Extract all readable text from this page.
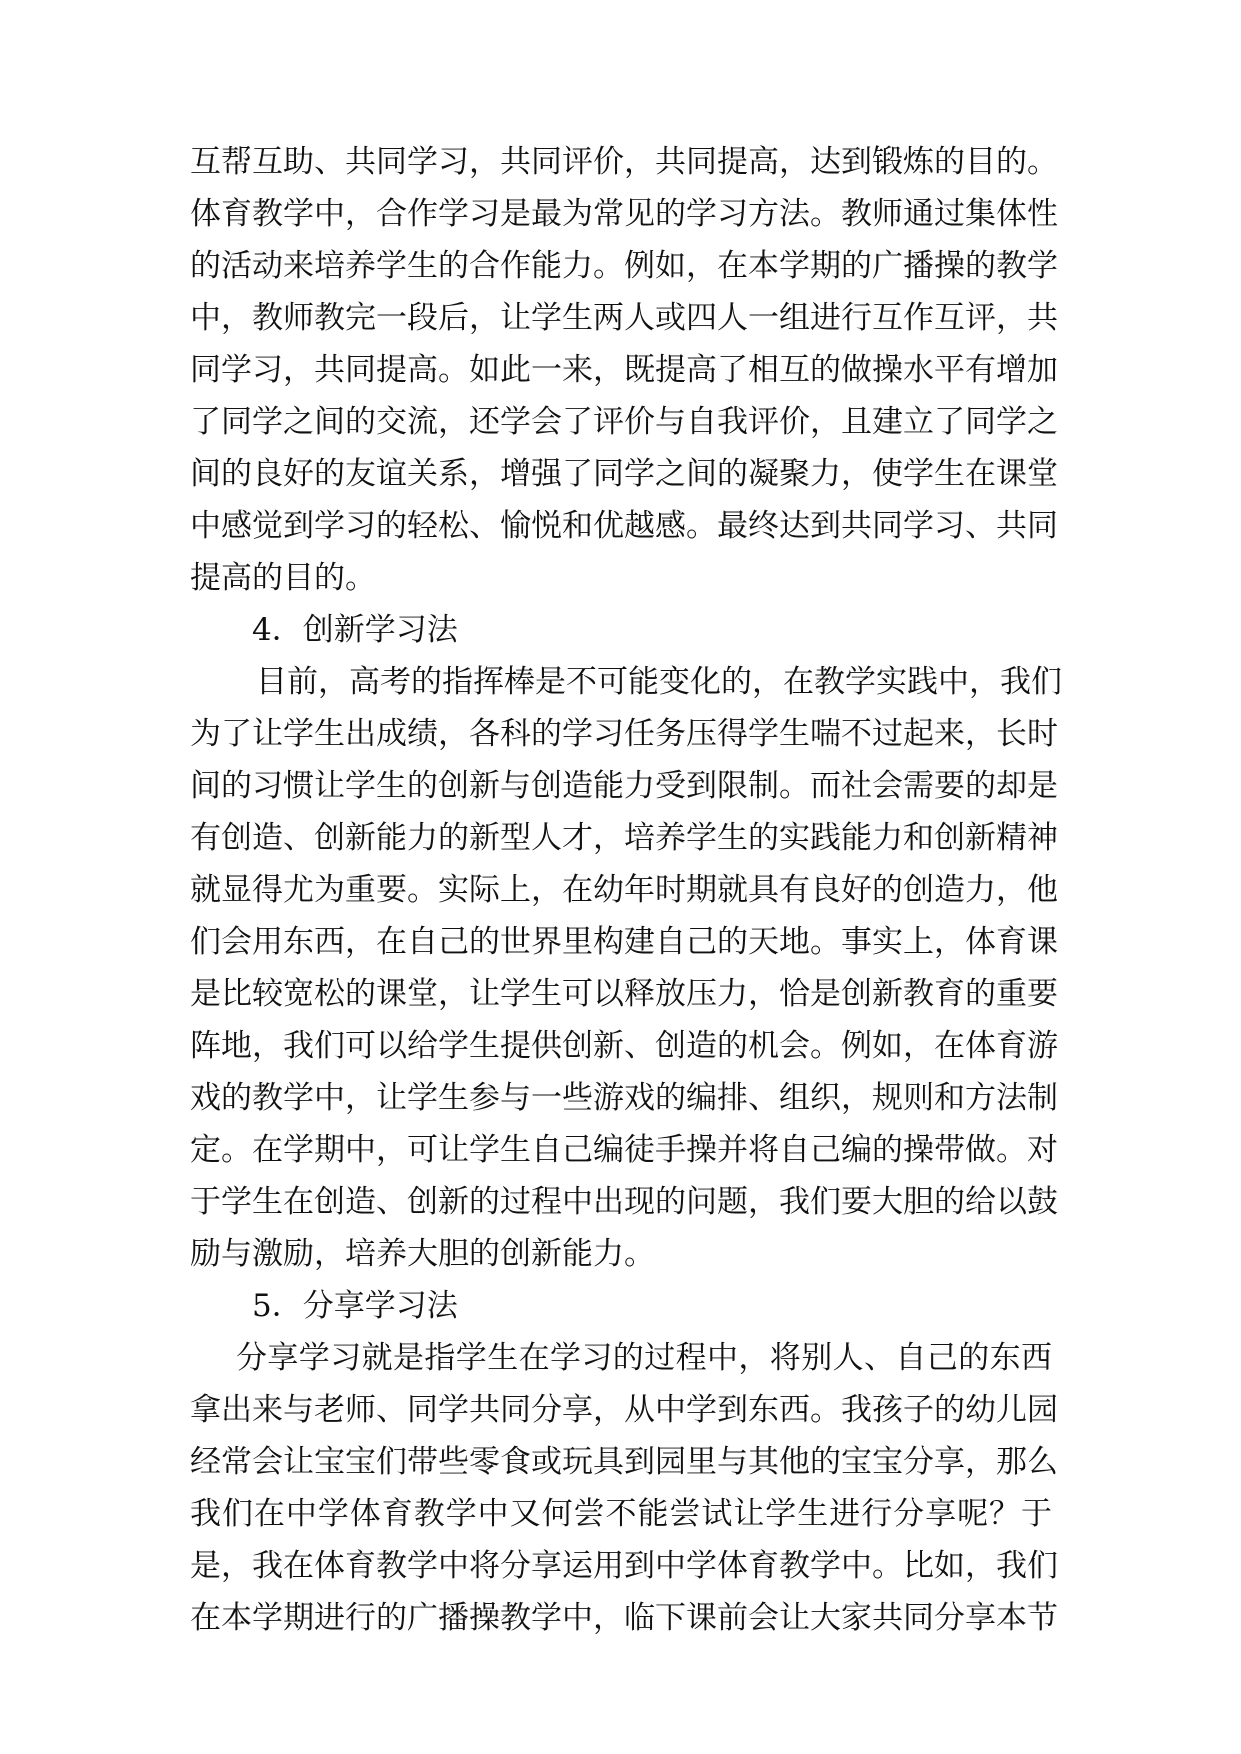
互帮互助、共同学习，共同评价，共同提高，达到锻炼的目的。
体育教学中，合作学习是最为常见的学习方法。教师通过集体性
的活动来培养学生的合作能力。例如，在本学期的广播操的教学
中，教师教完一段后，让学生两人或四人一组进行互作互评，共
同学习，共同提高。如此一来，既提高了相互的做操水平有增加
了同学之间的交流，还学会了评价与自我评价，且建立了同学之
间的良好的友谊关系，增强了同学之间的凝聚力，使学生在课堂
中感觉到学习的轻松、愉悦和优越感。最终达到共同学习、共同
提高的目的。
4．创新学习法
目前，高考的指挥棒是不可能变化的，在教学实践中，我们
为了让学生出成绩，各科的学习任务压得学生喘不过起来，长时
间的习惯让学生的创新与创造能力受到限制。而社会需要的却是
有创造、创新能力的新型人才，培养学生的实践能力和创新精神
就显得尤为重要。实际上，在幼年时期就具有良好的创造力，他
们会用东西，在自己的世界里构建自己的天地。事实上，体育课
是比较宽松的课堂，让学生可以释放压力，恰是创新教育的重要
阵地，我们可以给学生提供创新、创造的机会。例如，在体育游
戏的教学中，让学生参与一些游戏的编排、组织，规则和方法制
定。在学期中，可让学生自己编徒手操并将自己编的操带做。对
于学生在创造、创新的过程中出现的问题，我们要大胆的给以鼓
励与激励，培养大胆的创新能力。
5．分享学习法
分享学习就是指学生在学习的过程中，将别人、自己的东西
拿出来与老师、同学共同分享，从中学到东西。我孩子的幼儿园
经常会让宝宝们带些零食或玩具到园里与其他的宝宝分享，那么
我们在中学体育教学中又何尝不能尝试让学生进行分享呢？于
是，我在体育教学中将分享运用到中学体育教学中。比如，我们
在本学期进行的广播操教学中，临下课前会让大家共同分享本节
